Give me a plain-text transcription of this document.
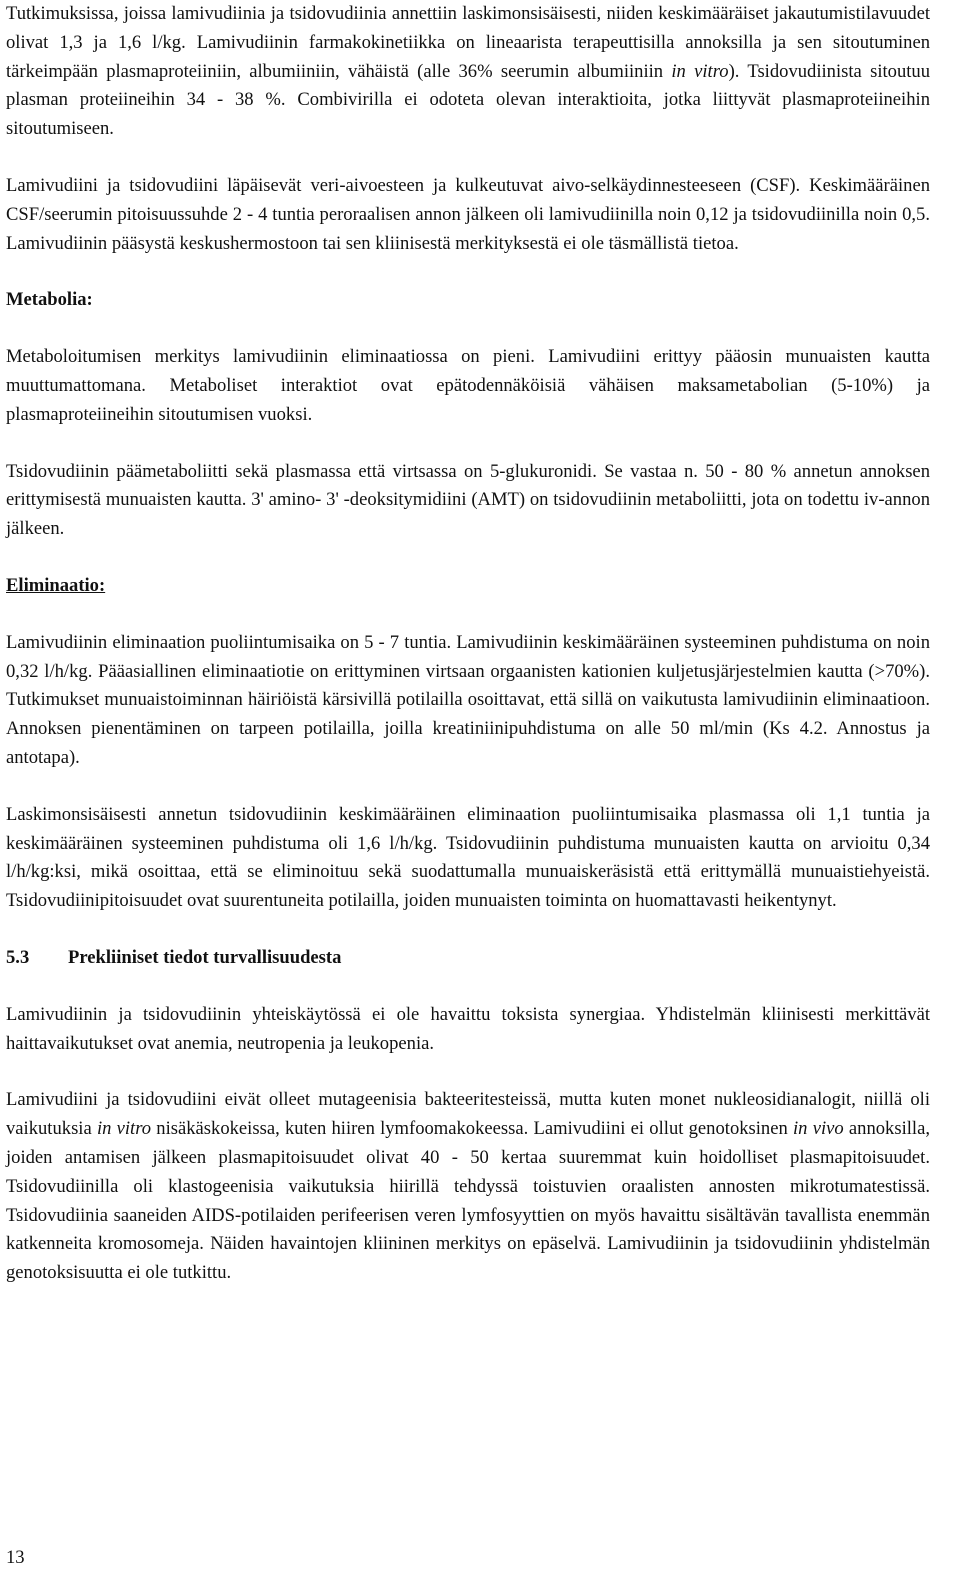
Tutkimuksissa, joissa lamivudiinia ja tsidovudiinia annettiin laskimonsisäisesti, niiden keskimääräiset jakautumistilavuudet olivat 1,3 ja 1,6 l/kg. Lamivudiinin farmakokinetiikka on lineaarista terapeuttisilla annoksilla ja sen sitoutuminen tärkeimpään plasmaproteiiniin, albumiiniin, vähäistä (alle 36% seerumin albumiiniin in vitro). Tsidovudiinista sitoutuu plasman proteiineihin 34 - 38 %. Combivirilla ei odoteta olevan interaktioita, jotka liittyvät plasmaproteiineihin sitoutumiseen.

Lamivudiini ja tsidovudiini läpäisevät veri-aivoesteen ja kulkeutuvat aivo-selkäydinnesteeseen (CSF). Keskimääräinen CSF/seerumin pitoisuussuhde 2 - 4 tuntia peroraalisen annon jälkeen oli lamivudiinilla noin 0,12 ja tsidovudiinilla noin 0,5. Lamivudiinin pääsystä keskushermostoon tai sen kliinisestä merkityksestä ei ole täsmällistä tietoa.

Metabolia:

Metaboloitumisen merkitys lamivudiinin eliminaatiossa on pieni. Lamivudiini erittyy pääosin munuaisten kautta muuttumattomana. Metaboliset interaktiot ovat epätodennäköisiä vähäisen maksametabolian (5-10%) ja plasmaproteiineihin sitoutumisen vuoksi.

Tsidovudiinin päämetaboliitti sekä plasmassa että virtsassa on 5-glukuronidi. Se vastaa n. 50 - 80 % annetun annoksen erittymisestä munuaisten kautta. 3' amino- 3' -deoksitymidiini (AMT) on tsidovudiinin metaboliitti, jota on todettu iv-annon jälkeen.

Eliminaatio:

Lamivudiinin eliminaation puoliintumisaika on 5 - 7 tuntia. Lamivudiinin keskimääräinen systeeminen puhdistuma on noin 0,32 l/h/kg. Pääasiallinen eliminaatiotie on erittyminen virtsaan orgaanisten kationien kuljetusjärjestelmien kautta (>70%). Tutkimukset munuaistoiminnan häiriöistä kärsivillä potilailla osoittavat, että sillä on vaikutusta lamivudiinin eliminaatioon. Annoksen pienentäminen on tarpeen potilailla, joilla kreatiniinipuhdistuma on alle 50 ml/min (Ks 4.2. Annostus ja antotapa).

Laskimonsisäisesti annetun tsidovudiinin keskimääräinen eliminaation puoliintumisaika plasmassa oli 1,1 tuntia ja keskimääräinen systeeminen puhdistuma oli 1,6 l/h/kg. Tsidovudiinin puhdistuma munuaisten kautta on arvioitu 0,34 l/h/kg:ksi, mikä osoittaa, että se eliminoituu sekä suodattumalla munuaiskeräsistä että erittymällä munuaistiehyeistä. Tsidovudiinipitoisuudet ovat suurentuneita potilailla, joiden munuaisten toiminta on huomattavasti heikentynyt.

5.3 Prekliiniset tiedot turvallisuudesta

Lamivudiinin ja tsidovudiinin yhteiskäytössä ei ole havaittu toksista synergiaa. Yhdistelmän kliinisesti merkittävät haittavaikutukset ovat anemia, neutropenia ja leukopenia.

Lamivudiini ja tsidovudiini eivät olleet mutageenisia bakteeritesteissä, mutta kuten monet nukleosidianalogit, niillä oli vaikutuksia in vitro nisäkäskokeissa, kuten hiiren lymfoomakokeessa. Lamivudiini ei ollut genotoksinen in vivo annoksilla, joiden antamisen jälkeen plasmapitoisuudet olivat 40 - 50 kertaa suuremmat kuin hoidolliset plasmapitoisuudet. Tsidovudiinilla oli klastogeenisia vaikutuksia hiirillä tehdyssä toistuvien oraalisten annosten mikrotumatestissä. Tsidovudiinia saaneiden AIDS-potilaiden perifeerisen veren lymfosyyttien on myös havaittu sisältävän tavallista enemmän katkenneita kromosomeja. Näiden havaintojen kliininen merkitys on epäselvä. Lamivudiinin ja tsidovudiinin yhdistelmän genotoksisuutta ei ole tutkittu.

13
